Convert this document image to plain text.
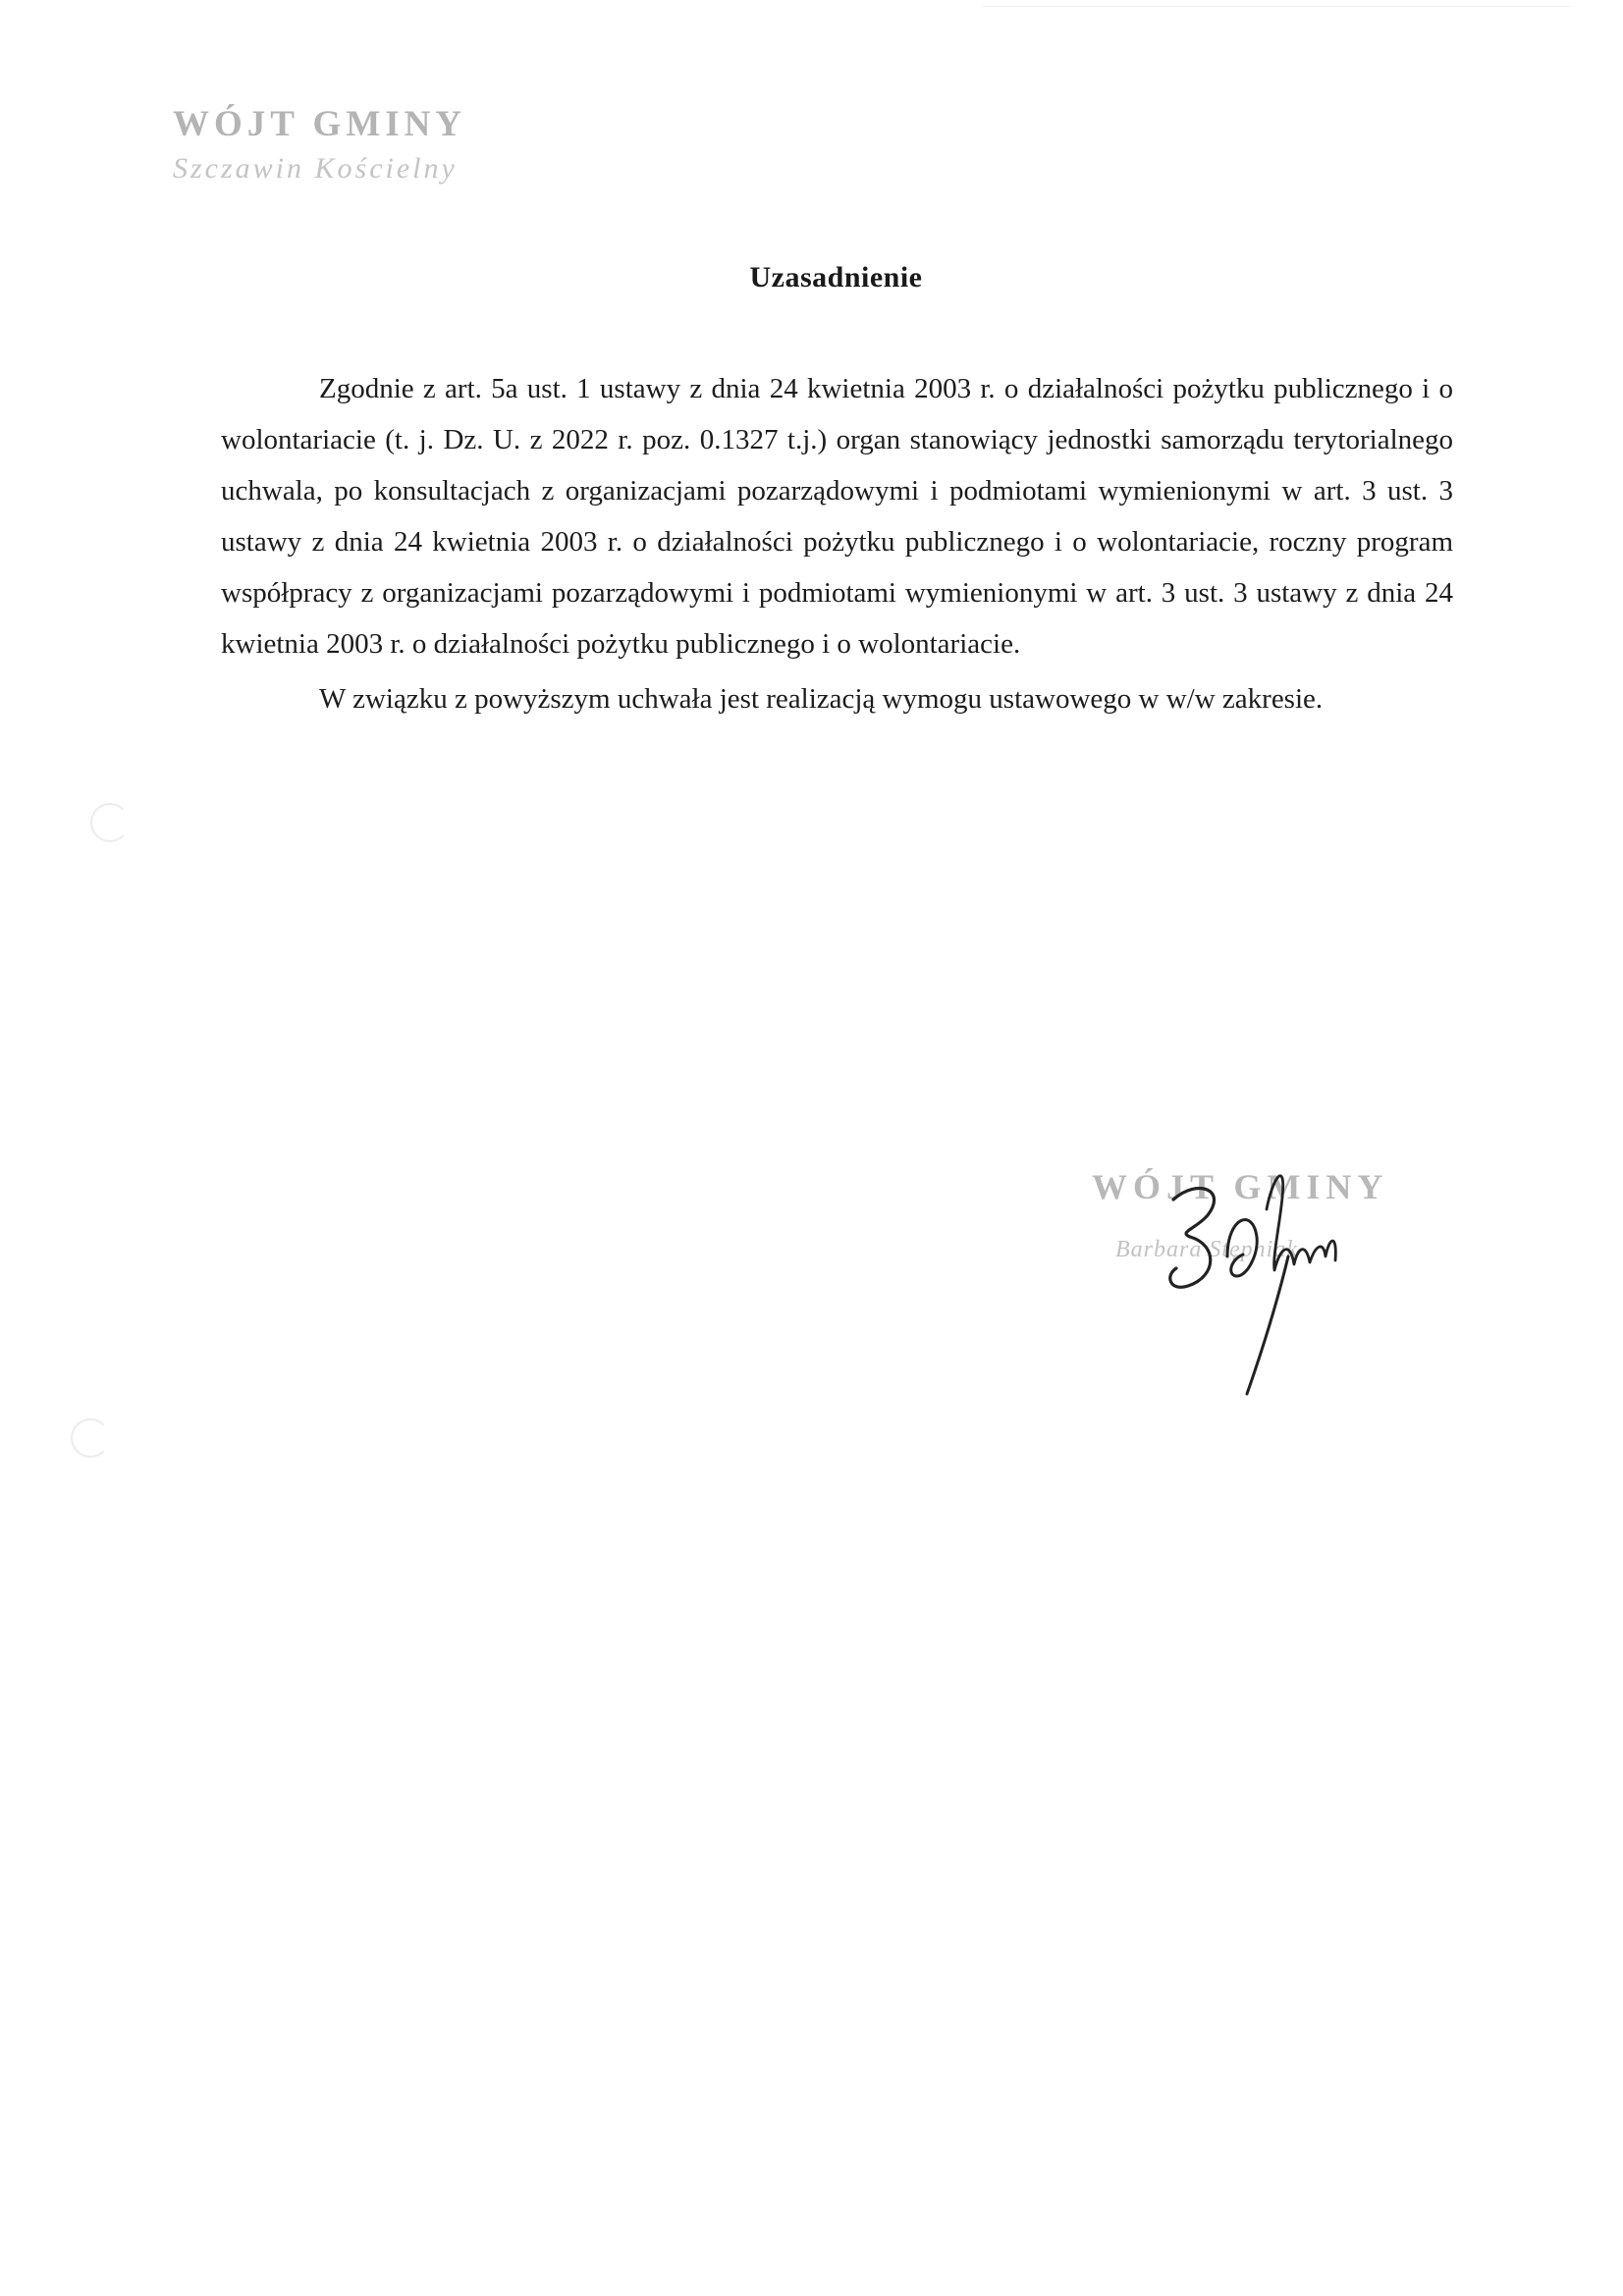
WÓJT GMINY
Szczawin Kościelny
Uzasadnienie

Zgodnie z art. 5a ust. 1 ustawy z dnia 24 kwietnia 2003 r. o działalności pożytku publicznego i o wolontariacie (t. j. Dz. U. z 2022 r. poz. 0.1327 t.j.) organ stanowiący jednostki samorządu terytorialnego uchwala, po konsultacjach z organizacjami pozarządowymi i podmiotami wymienionymi w art. 3 ust. 3 ustawy z dnia 24 kwietnia 2003 r. o działalności pożytku publicznego i o wolontariacie, roczny program współpracy z organizacjami pozarządowymi i podmiotami wymienionymi w art. 3 ust. 3 ustawy z dnia 24 kwietnia 2003 r. o działalności pożytku publicznego i o wolontariacie.

W związku z powyższym uchwała jest realizacją wymogu ustawowego w w/w zakresie.

WÓJT GMINY
Barbara Stępniak
